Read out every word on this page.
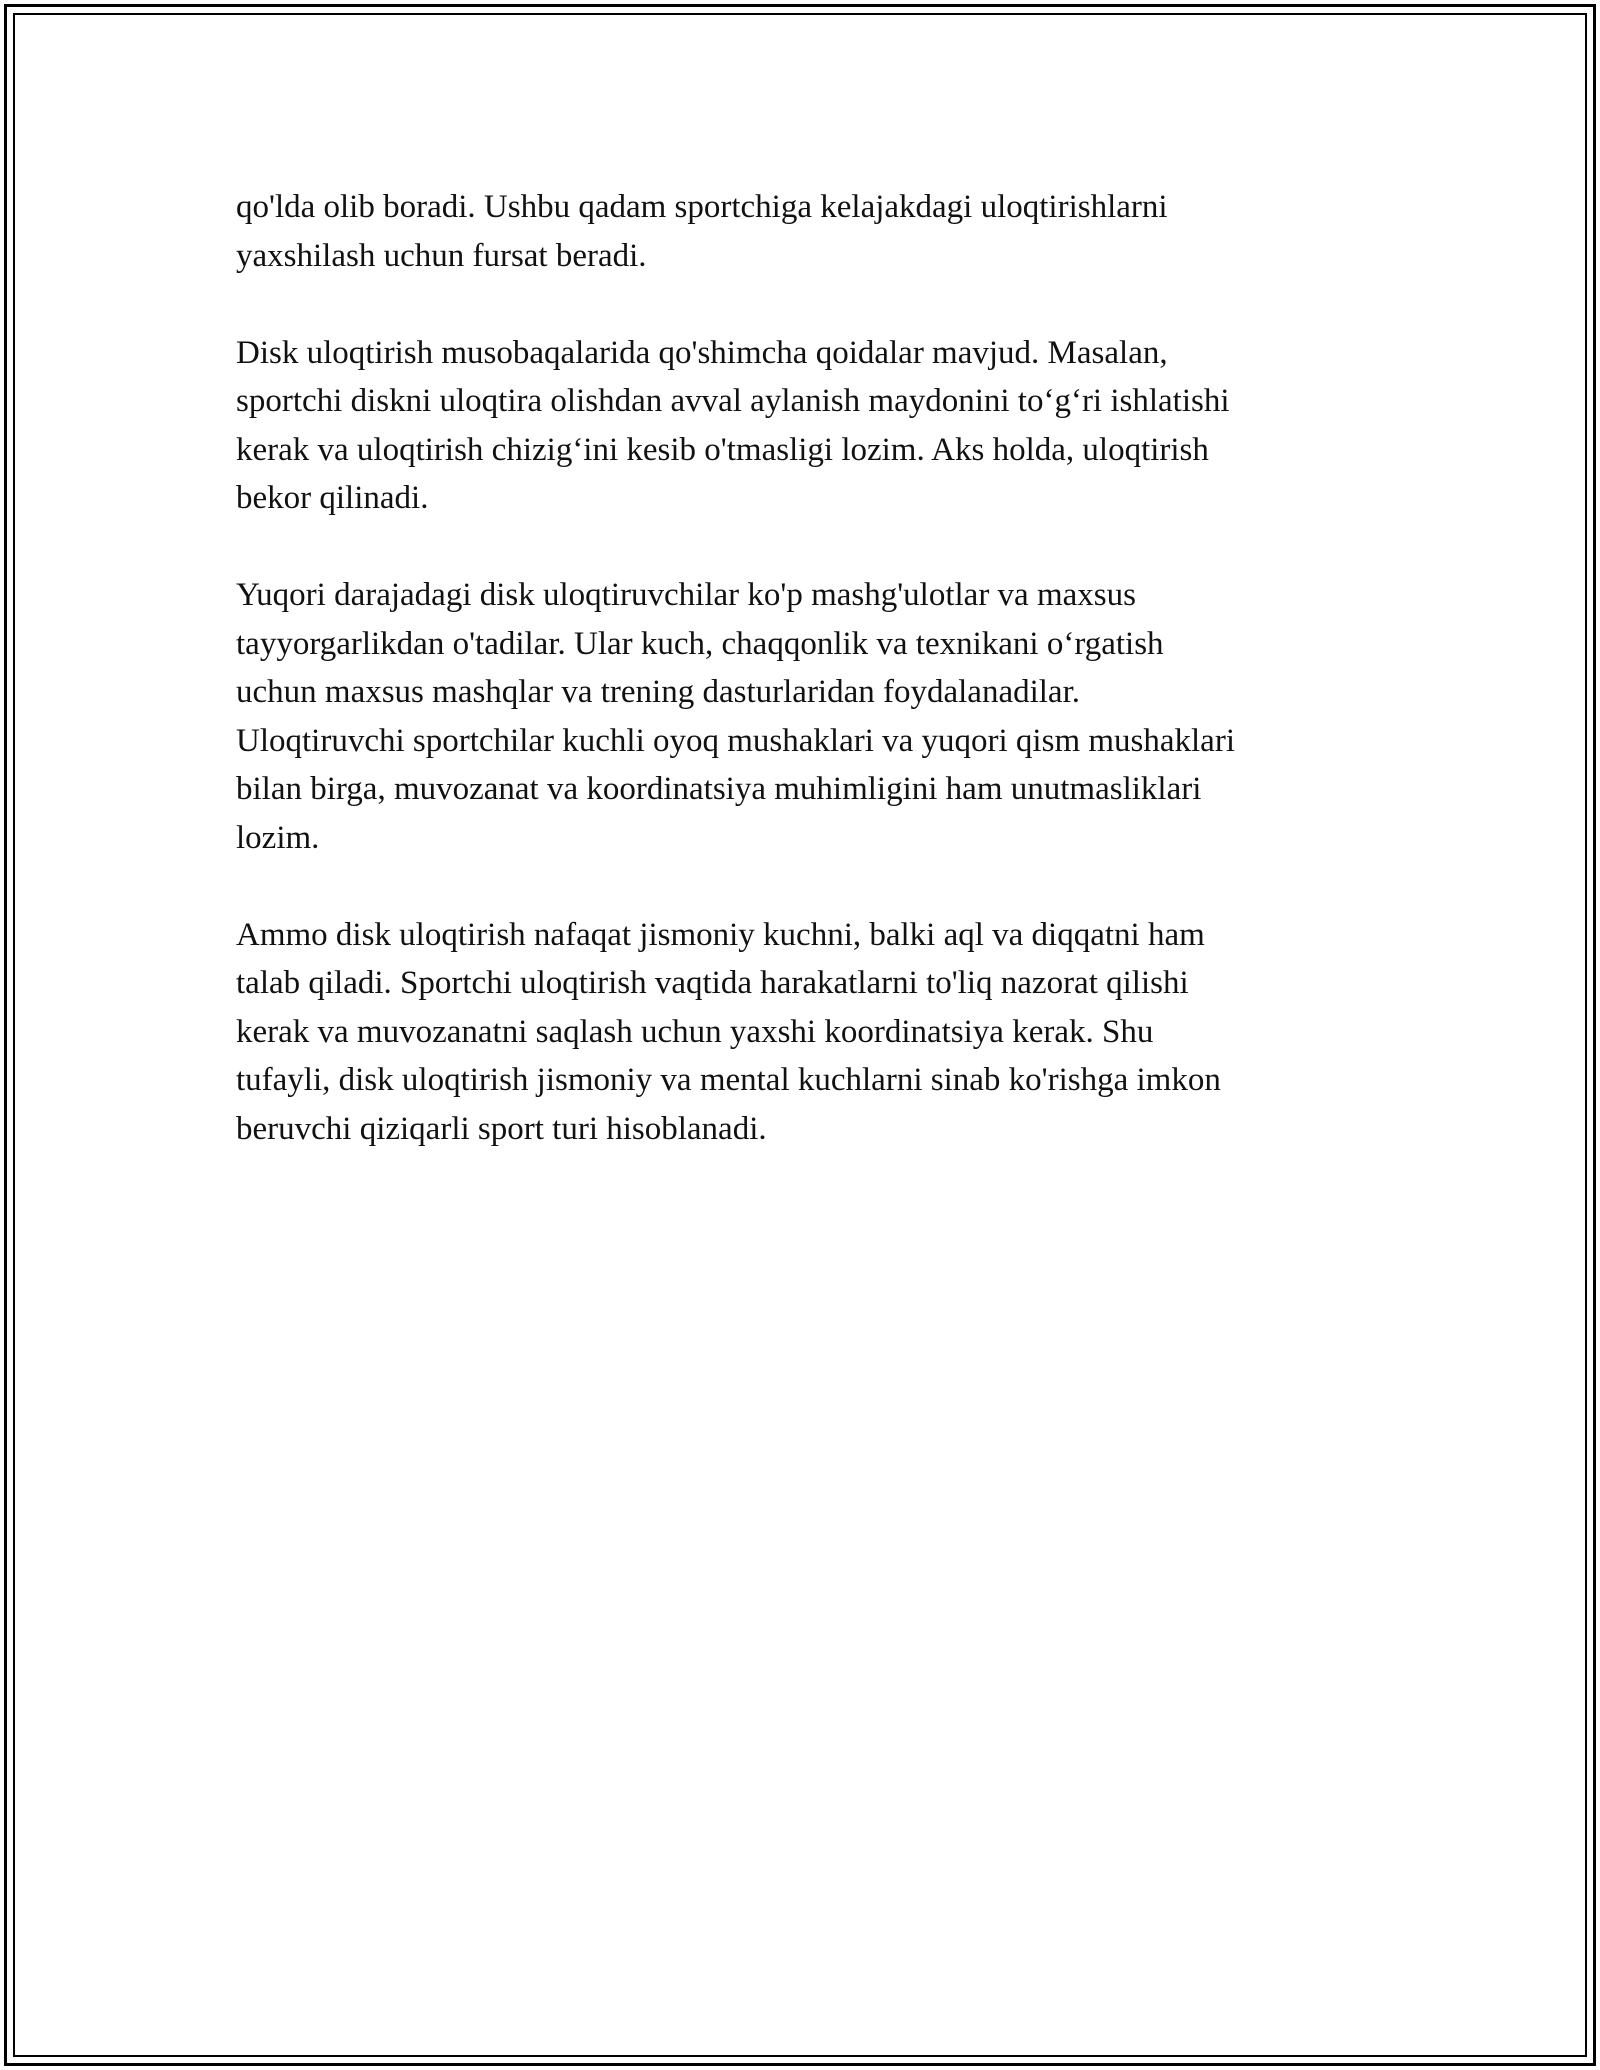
qo'lda olib boradi. Ushbu qadam sportchiga kelajakdagi uloqtirishlarni
yaxshilash uchun fursat beradi.

Disk uloqtirish musobaqalarida qo'shimcha qoidalar mavjud. Masalan,
sportchi diskni uloqtira olishdan avval aylanish maydonini to‘g‘ri ishlatishi
kerak va uloqtirish chizig‘ini kesib o'tmasligi lozim. Aks holda, uloqtirish
bekor qilinadi.

Yuqori darajadagi disk uloqtiruvchilar ko'p mashg'ulotlar va maxsus
tayyorgarlikdan o'tadilar. Ular kuch, chaqqonlik va texnikani o‘rgatish
uchun maxsus mashqlar va trening dasturlaridan foydalanadilar.
Uloqtiruvchi sportchilar kuchli oyoq mushaklari va yuqori qism mushaklari
bilan birga, muvozanat va koordinatsiya muhimligini ham unutmasliklari
lozim.

Ammo disk uloqtirish nafaqat jismoniy kuchni, balki aql va diqqatni ham
talab qiladi. Sportchi uloqtirish vaqtida harakatlarni to'liq nazorat qilishi
kerak va muvozanatni saqlash uchun yaxshi koordinatsiya kerak. Shu
tufayli, disk uloqtirish jismoniy va mental kuchlarni sinab ko'rishga imkon
beruvchi qiziqarli sport turi hisoblanadi.
